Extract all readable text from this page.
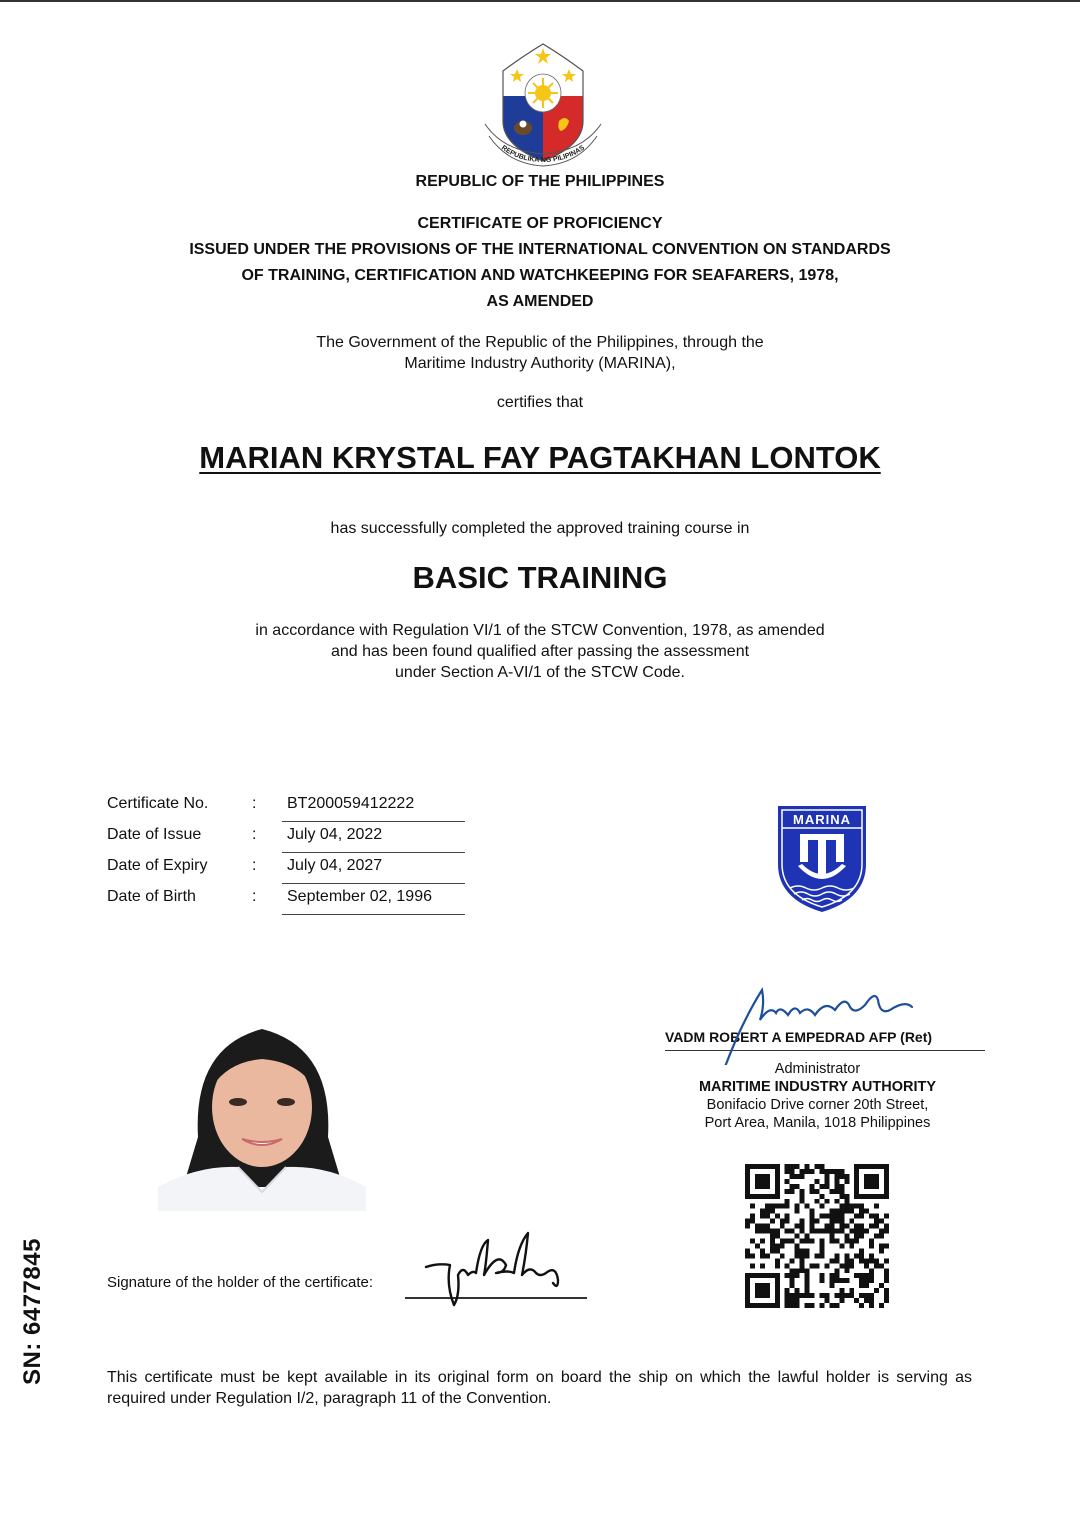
REPUBLIKA NG PILIPINAS
REPUBLIC OF THE PHILIPPINES
CERTIFICATE OF PROFICIENCY
ISSUED UNDER THE PROVISIONS OF THE INTERNATIONAL CONVENTION ON STANDARDS
OF TRAINING, CERTIFICATION AND WATCHKEEPING FOR SEAFARERS, 1978,
AS AMENDED
The Government of the Republic of the Philippines, through the
Maritime Industry Authority (MARINA),
certifies that
MARIAN KRYSTAL FAY PAGTAKHAN LONTOK
has successfully completed the approved training course in
BASIC TRAINING
in accordance with Regulation VI/1 of the STCW Convention, 1978, as amended
and has been found qualified after passing the assessment
under Section A-VI/1 of the STCW Code.
Certificate No.	:	BT200059412222
Date of Issue	:	July 04, 2022
Date of Expiry	:	July 04, 2027
Date of Birth	:	September 02, 1996
MARINA
VADM ROBERT A EMPEDRAD AFP (Ret)
Administrator
MARITIME INDUSTRY AUTHORITY
Bonifacio Drive corner 20th Street,
Port Area, Manila, 1018 Philippines
Signature of the holder of the certificate:
SN: 6477845	This certificate must be kept available in its original form on board the ship on which the lawful holder is serving as required under Regulation I/2, paragraph 11 of the Convention.
